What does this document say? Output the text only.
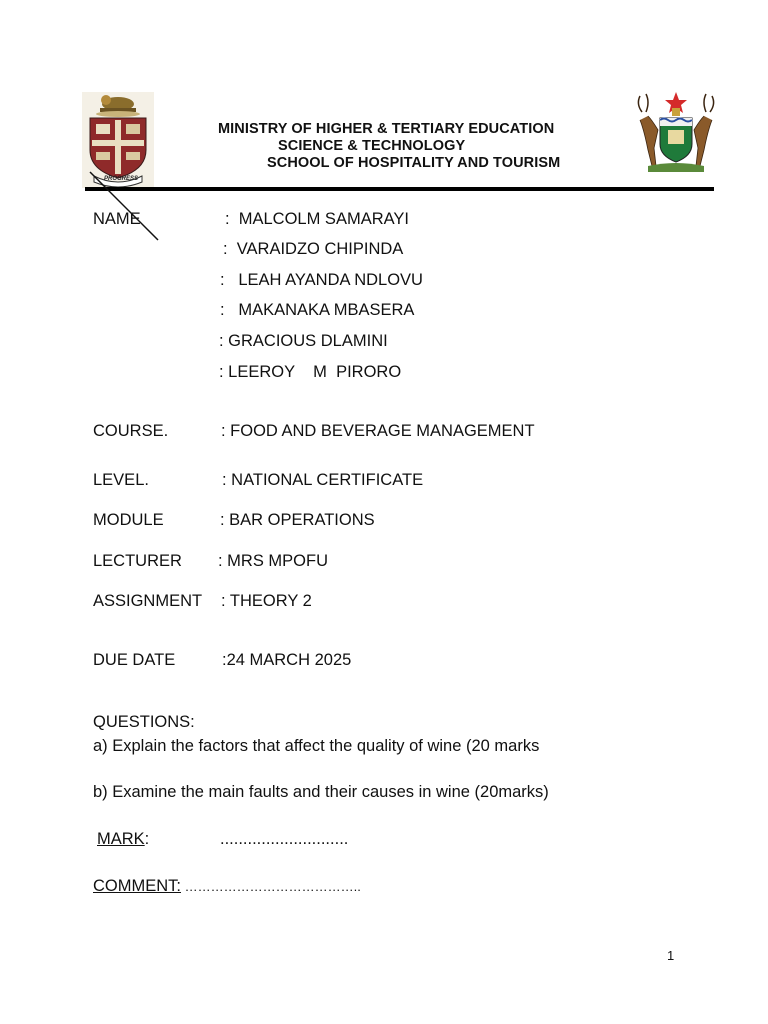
PROGRESS
MINISTRY OF HIGHER & TERTIARY EDUCATION
SCIENCE & TECHNOLOGY
SCHOOL OF HOSPITALITY AND TOURISM
NAME	:  MALCOLM SAMARAYI
:  VARAIDZO CHIPINDA
:   LEAH AYANDA NDLOVU
:   MAKANAKA MBASERA
: GRACIOUS DLAMINI
: LEEROY    M  PIRORO
COURSE.	: FOOD AND BEVERAGE MANAGEMENT
LEVEL.	: NATIONAL CERTIFICATE
MODULE	: BAR OPERATIONS
LECTURER : MRS MPOFU
ASSIGNMENT : THEORY 2
DUE DATE	:24 MARCH 2025
QUESTIONS:
a) Explain the factors that affect the quality of wine (20 marks
b) Examine the main faults and their causes in wine (20marks)
MARK:	............................
COMMENT: …………………………………..
1
